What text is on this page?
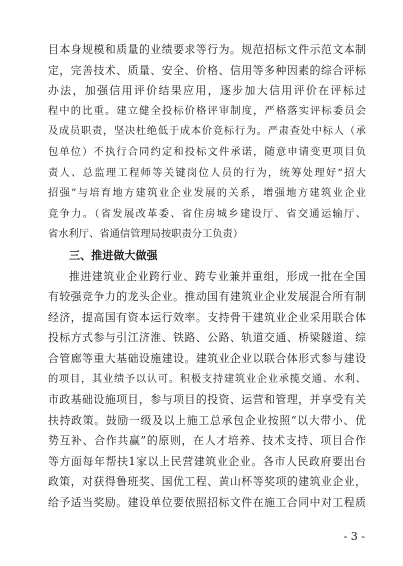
目本身规模和质量的业绩要求等行为。规范招标文件示范文本制
定，完善技术、质量、安全、价格、信用等多种因素的综合评标
办法，加强信用评价结果应用，逐步加大信用评价在评标过
程中的比重。建立健全投标价格评审制度，严格落实评标委员会
及成员职责，坚决杜绝低于成本价竞标行为。严肃查处中标人（承
包单位）不执行合同约定和投标文件承诺，随意申请变更项目负
责人、总监理工程师等关键岗位人员的行为，统筹处理好“招大
招强”与培育地方建筑业企业发展的关系，增强地方建筑业企业
竞争力。（省发展改革委、省住房城乡建设厅、省交通运输厅、
省水利厅、省通信管理局按职责分工负责）
三、推进做大做强
推进建筑业企业跨行业、跨专业兼并重组，形成一批在全国
有较强竞争力的龙头企业。推动国有建筑业企业发展混合所有制
经济，提高国有资本运行效率。支持骨干建筑业企业采用联合体
投标方式参与引江济淮、铁路、公路、轨道交通、桥梁隧道、综
合管廊等重大基础设施建设。建筑业企业以联合体形式参与建设
的项目，其业绩予以认可。积极支持建筑业企业承揽交通、水利、
市政基础设施项目，参与项目的投资、运营和管理，并享受有关
扶持政策。鼓励一级及以上施工总承包企业按照“以大带小、优
势互补、合作共赢”的原则，在人才培养、技术支持、项目合作
等方面每年帮扶1家以上民营建筑业企业。各市人民政府要出台
政策，对获得鲁班奖、国优工程、黄山杯等奖项的建筑业企业，
给予适当奖励。建设单位要依照招标文件在施工合同中对工程质
- 3 -
